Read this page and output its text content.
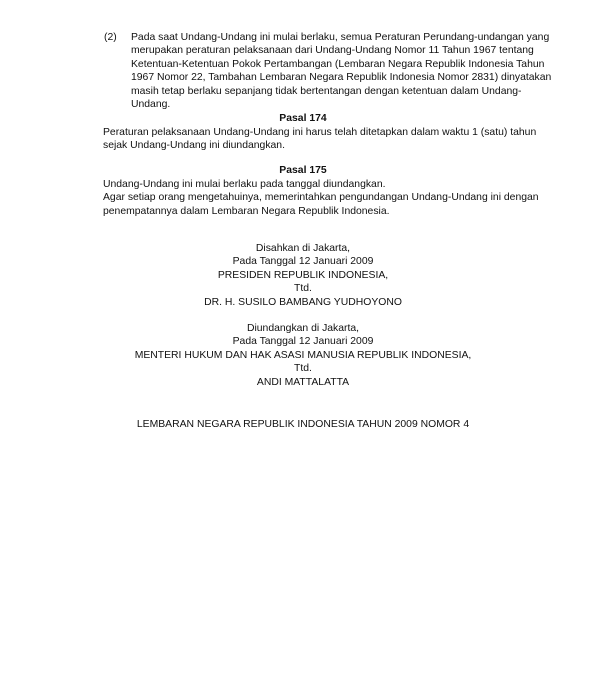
(2) Pada saat Undang-Undang ini mulai berlaku, semua Peraturan Perundang-undangan yang
merupakan peraturan pelaksanaan dari Undang-Undang Nomor 11 Tahun 1967 tentang
Ketentuan-Ketentuan Pokok Pertambangan (Lembaran Negara Republik Indonesia Tahun
1967 Nomor 22, Tambahan Lembaran Negara Republik Indonesia Nomor 2831) dinyatakan
masih tetap berlaku sepanjang tidak bertentangan dengan ketentuan dalam Undang-
Undang.
Pasal 174
Peraturan pelaksanaan Undang-Undang ini harus telah ditetapkan dalam waktu 1 (satu) tahun
sejak Undang-Undang ini diundangkan.
Pasal 175
Undang-Undang ini mulai berlaku pada tanggal diundangkan.
Agar setiap orang mengetahuinya, memerintahkan pengundangan Undang-Undang ini dengan
penempatannya dalam Lembaran Negara Republik Indonesia.
Disahkan di Jakarta,
Pada Tanggal 12 Januari 2009
PRESIDEN REPUBLIK INDONESIA,
Ttd.
DR. H. SUSILO BAMBANG YUDHOYONO
Diundangkan di Jakarta,
Pada Tanggal 12 Januari 2009
MENTERI HUKUM DAN HAK ASASI MANUSIA REPUBLIK INDONESIA,
Ttd.
ANDI MATTALATTA
LEMBARAN NEGARA REPUBLIK INDONESIA TAHUN 2009 NOMOR 4
